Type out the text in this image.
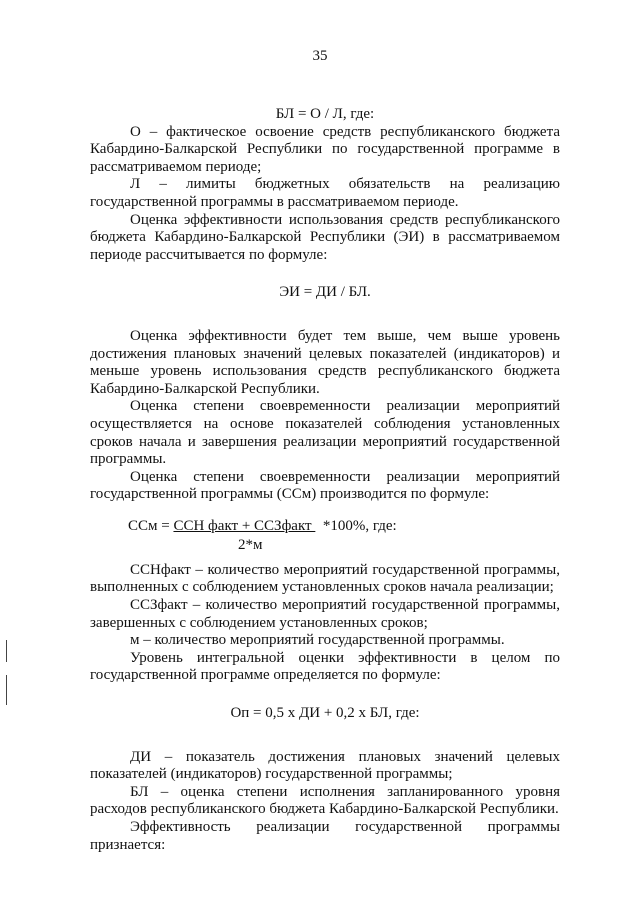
35

БЛ = О / Л, где:

О – фактическое освоение средств республиканского бюджета Кабардино-Балкарской Республики по государственной программе в рассматриваемом периоде;

Л – лимиты бюджетных обязательств на реализацию государственной программы в рассматриваемом периоде.

Оценка эффективности использования средств республиканского бюджета Кабардино-Балкарской Республики (ЭИ) в рассматриваемом периоде рассчитывается по формуле:

ЭИ = ДИ / БЛ.

Оценка эффективности будет тем выше, чем выше уровень достижения плановых значений целевых показателей (индикаторов) и меньше уровень использования средств республиканского бюджета Кабардино-Балкарской Республики.

Оценка степени своевременности реализации мероприятий осуществляется на основе показателей соблюдения установленных сроков начала и завершения реализации мероприятий государственной программы.

Оценка степени своевременности реализации мероприятий государственной программы (ССм) производится по формуле:

ССм = ССН факт + ССЗфакт   *100%, где:
2*м

ССНфакт – количество мероприятий государственной программы, выполненных с соблюдением установленных сроков начала реализации;

ССЗфакт – количество мероприятий государственной программы, завершенных с соблюдением установленных сроков;

м – количество мероприятий государственной программы.

Уровень интегральной оценки эффективности в целом по государственной программе определяется по формуле:

Оп = 0,5 х ДИ + 0,2 х БЛ, где:

ДИ – показатель достижения плановых значений целевых показателей (индикаторов) государственной программы;

БЛ – оценка степени исполнения запланированного уровня расходов республиканского бюджета Кабардино-Балкарской Республики.

Эффективность реализации государственной программы признается:
